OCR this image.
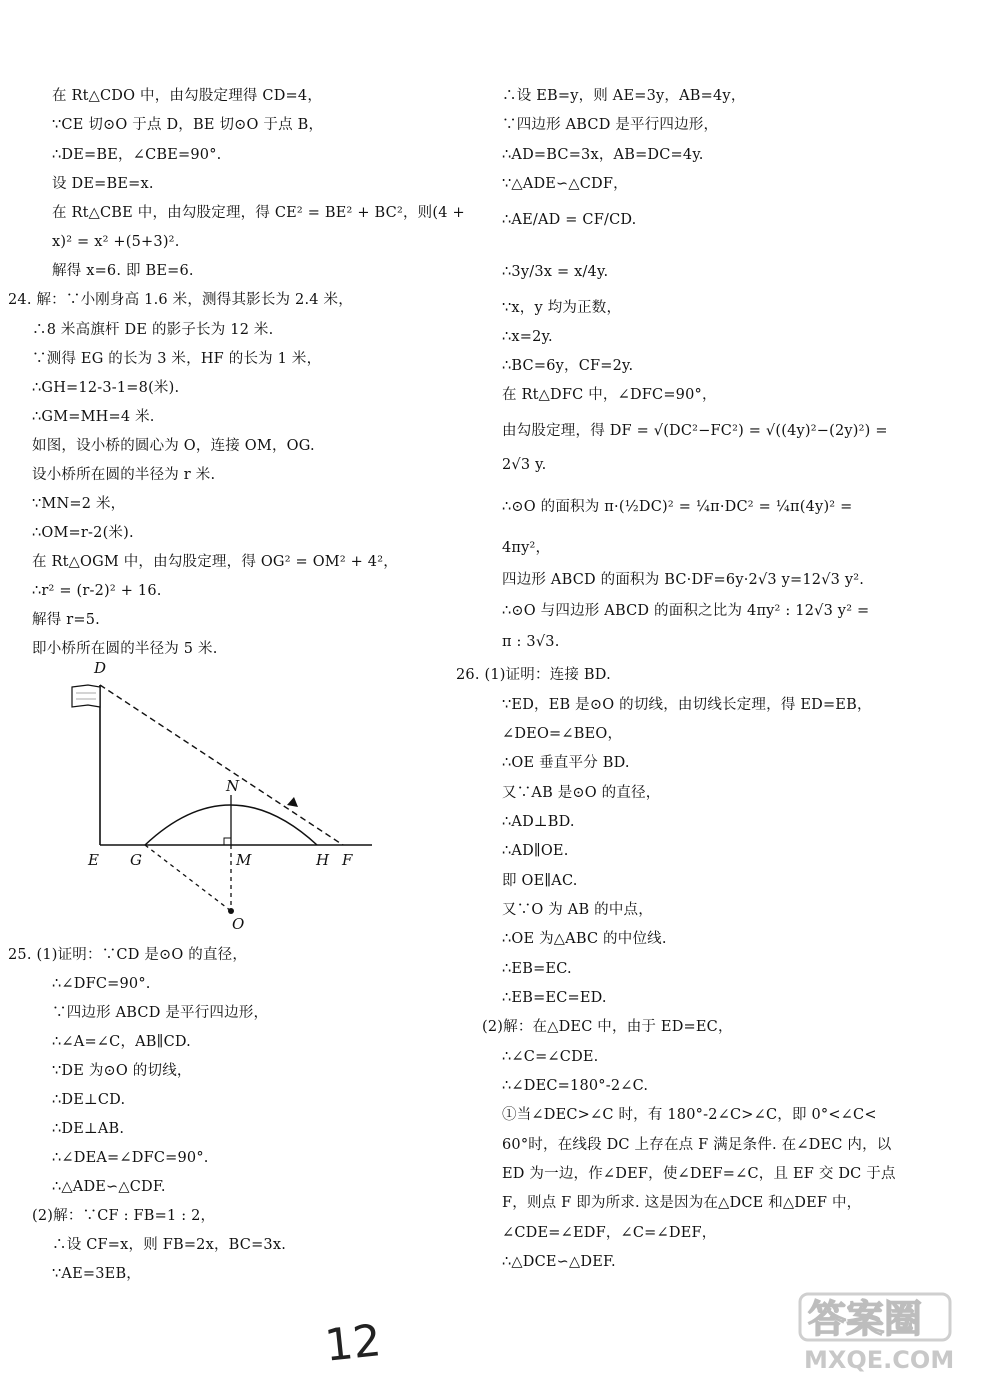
在 Rt△CDO 中，由勾股定理得 CD=4，
∵CE 切⊙O 于点 D，BE 切⊙O 于点 B，
∴DE=BE，∠CBE=90°.
设 DE=BE=x.
在 Rt△CBE 中，由勾股定理，得 CE² = BE² + BC²，则(4 +
x)² = x² +(5+3)².
解得 x=6. 即 BE=6.
24. 解：∵小刚身高 1.6 米，测得其影长为 2.4 米，
∴8 米高旗杆 DE 的影子长为 12 米.
∵测得 EG 的长为 3 米，HF 的长为 1 米，
∴GH=12-3-1=8(米).
∴GM=MH=4 米.
如图，设小桥的圆心为 O，连接 OM，OG.
设小桥所在圆的半径为 r 米.
∵MN=2 米，
∴OM=r-2(米).
在 Rt△OGM 中，由勾股定理，得 OG² = OM² + 4²，
∴r² = (r-2)² + 16.
解得 r=5.
即小桥所在圆的半径为 5 米.
25. (1)证明：∵CD 是⊙O 的直径，
∴∠DFC=90°.
∵四边形 ABCD 是平行四边形，
∴∠A=∠C，AB∥CD.
∵DE 为⊙O 的切线，
∴DE⊥CD.
∴DE⊥AB.
∴∠DEA=∠DFC=90°.
∴△ADE∽△CDF.
(2)解：∵CF : FB=1 : 2，
∴设 CF=x，则 FB=2x，BC=3x.
∵AE=3EB，
D
N
E G	M	H F
O
∴设 EB=y，则 AE=3y，AB=4y，
∵四边形 ABCD 是平行四边形，
∴AD=BC=3x，AB=DC=4y.
∵△ADE∽△CDF，
∴AE/AD = CF/CD.
∴3y/3x = x/4y.
∵x，y 均为正数，
∴x=2y.
∴BC=6y，CF=2y.
在 Rt△DFC 中，∠DFC=90°，
由勾股定理，得 DF = √(DC²−FC²) = √((4y)²−(2y)²) =
2√3 y.
∴⊙O 的面积为 π·(½DC)² = ¼π·DC² = ¼π(4y)² =
4πy²，
四边形 ABCD 的面积为 BC·DF=6y·2√3 y=12√3 y².
∴⊙O 与四边形 ABCD 的面积之比为 4πy² : 12√3 y² =
π : 3√3.
26. (1)证明：连接 BD.
∵ED，EB 是⊙O 的切线，由切线长定理，得 ED=EB，
∠DEO=∠BEO，
∴OE 垂直平分 BD.
又∵AB 是⊙O 的直径，
∴AD⊥BD.
∴AD∥OE.
即 OE∥AC.
又∵O 为 AB 的中点，
∴OE 为△ABC 的中位线.
∴EB=EC.
∴EB=EC=ED.
(2)解：在△DEC 中，由于 ED=EC，
∴∠C=∠CDE.
∴∠DEC=180°-2∠C.
①当∠DEC>∠C 时，有 180°-2∠C>∠C，即 0°<∠C<
60°时，在线段 DC 上存在点 F 满足条件. 在∠DEC 内，以
ED 为一边，作∠DEF，使∠DEF=∠C，且 EF 交 DC 于点
F，则点 F 即为所求. 这是因为在△DCE 和△DEF 中，
∠CDE=∠EDF，∠C=∠DEF，
∴△DCE∽△DEF.
12	答案圈
MXQE.COM
